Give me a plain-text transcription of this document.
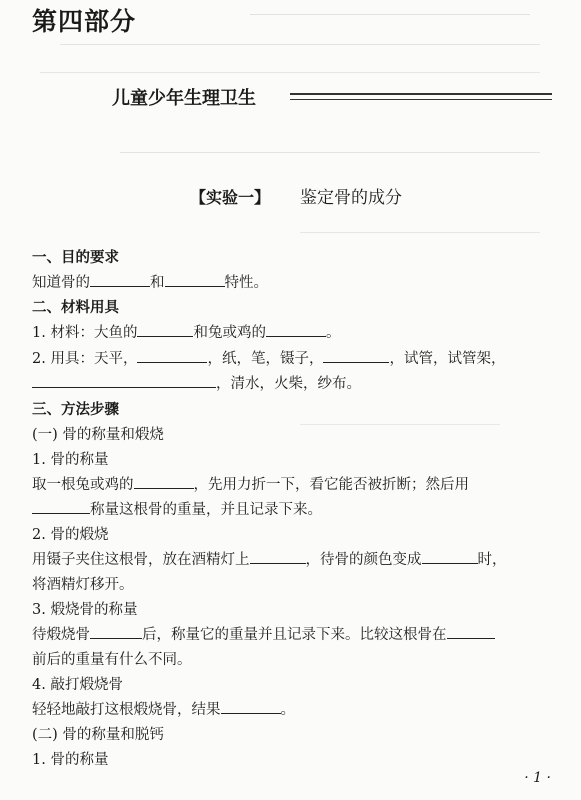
第四部分
儿童少年生理卫生
【实验一】 鉴定骨的成分
一、目的要求
知道骨的	和	特性。
二、材料用具
1. 材料：大鱼的	和兔或鸡的	。
2. 用具：天平，	，纸，笔，镊子，	，试管，试管架，
，清水，火柴，纱布。
三、方法步骤
(一) 骨的称量和煅烧
1. 骨的称量
取一根兔或鸡的	，先用力折一下，看它能否被折断；然后用
称量这根骨的重量，并且记录下来。
2. 骨的煅烧
用镊子夹住这根骨，放在酒精灯上	，待骨的颜色变成	时，
将酒精灯移开。
3. 煅烧骨的称量
待煅烧骨	后，称量它的重量并且记录下来。比较这根骨在
前后的重量有什么不同。
4. 敲打煅烧骨
轻轻地敲打这根煅烧骨，结果	。
(二) 骨的称量和脱钙
1. 骨的称量
· 1 ·
